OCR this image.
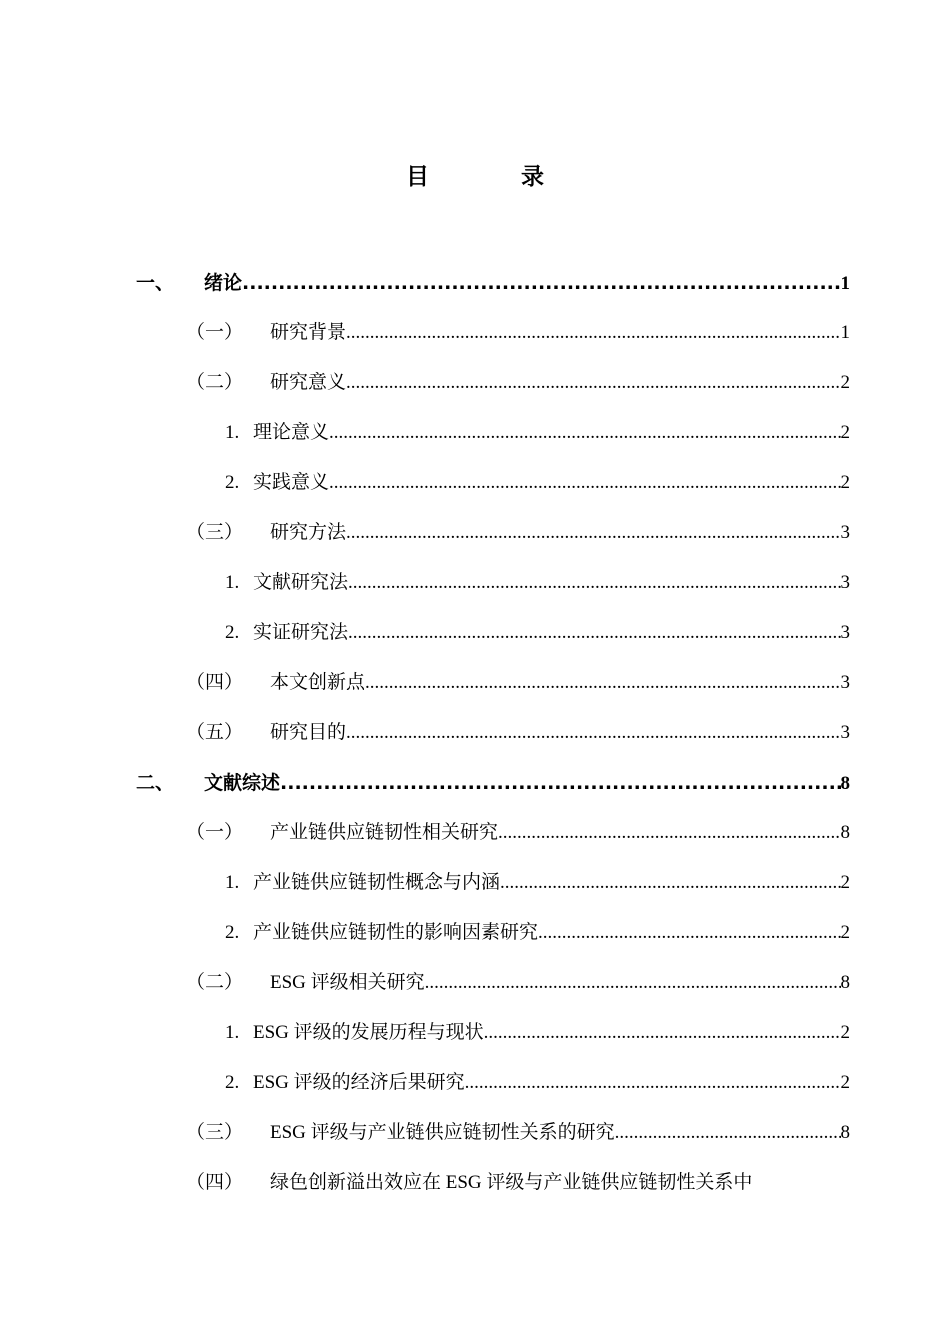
目	录
一、	绪论 .....	1
（一）	研究背景 .....	1
（二）	研究意义 .....	2
1. 理论意义 .....	2
2. 实践意义 .....	2
（三）	研究方法 .....	3
1. 文献研究法 .....	3
2. 实证研究法 .....	3
（四）	本文创新点 .....	3
（五）	研究目的 .....	3
二、	文献综述 .....	8
（一）	产业链供应链韧性相关研究 .....	8
1. 产业链供应链韧性概念与内涵 .....	2
2. 产业链供应链韧性的影响因素研究 .....	2
（二）	ESG 评级相关研究 .....	8
1. ESG 评级的发展历程与现状 .....	2
2. ESG 评级的经济后果研究 .....	2
（三）	ESG 评级与产业链供应链韧性关系的研究 .....	8
（四）	绿色创新溢出效应在 ESG 评级与产业链供应链韧性关系中
